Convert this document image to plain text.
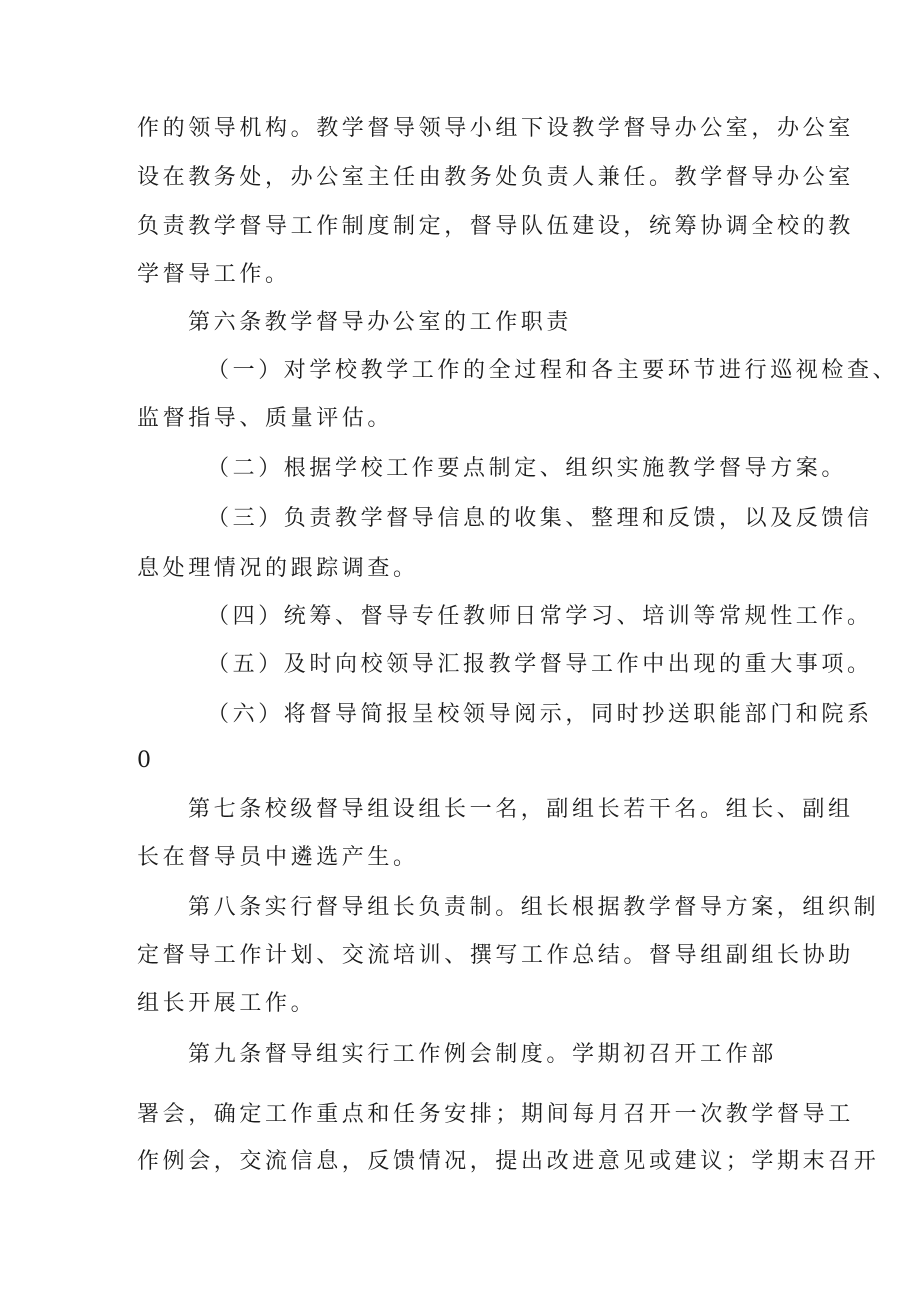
作的领导机构。教学督导领导小组下设教学督导办公室，办公室

设在教务处，办公室主任由教务处负责人兼任。教学督导办公室

负责教学督导工作制度制定，督导队伍建设，统筹协调全校的教

学督导工作。

第六条教学督导办公室的工作职责

（一）对学校教学工作的全过程和各主要环节进行巡视检查、

监督指导、质量评估。

（二）根据学校工作要点制定、组织实施教学督导方案。

（三）负责教学督导信息的收集、整理和反馈，以及反馈信

息处理情况的跟踪调查。

（四）统筹、督导专任教师日常学习、培训等常规性工作。

（五）及时向校领导汇报教学督导工作中出现的重大事项。

（六）将督导简报呈校领导阅示，同时抄送职能部门和院系

0

第七条校级督导组设组长一名，副组长若干名。组长、副组

长在督导员中遴选产生。

第八条实行督导组长负责制。组长根据教学督导方案，组织制

定督导工作计划、交流培训、撰写工作总结。督导组副组长协助

组长开展工作。

第九条督导组实行工作例会制度。学期初召开工作部

署会，确定工作重点和任务安排；期间每月召开一次教学督导工

作例会，交流信息，反馈情况，提出改进意见或建议；学期末召开
